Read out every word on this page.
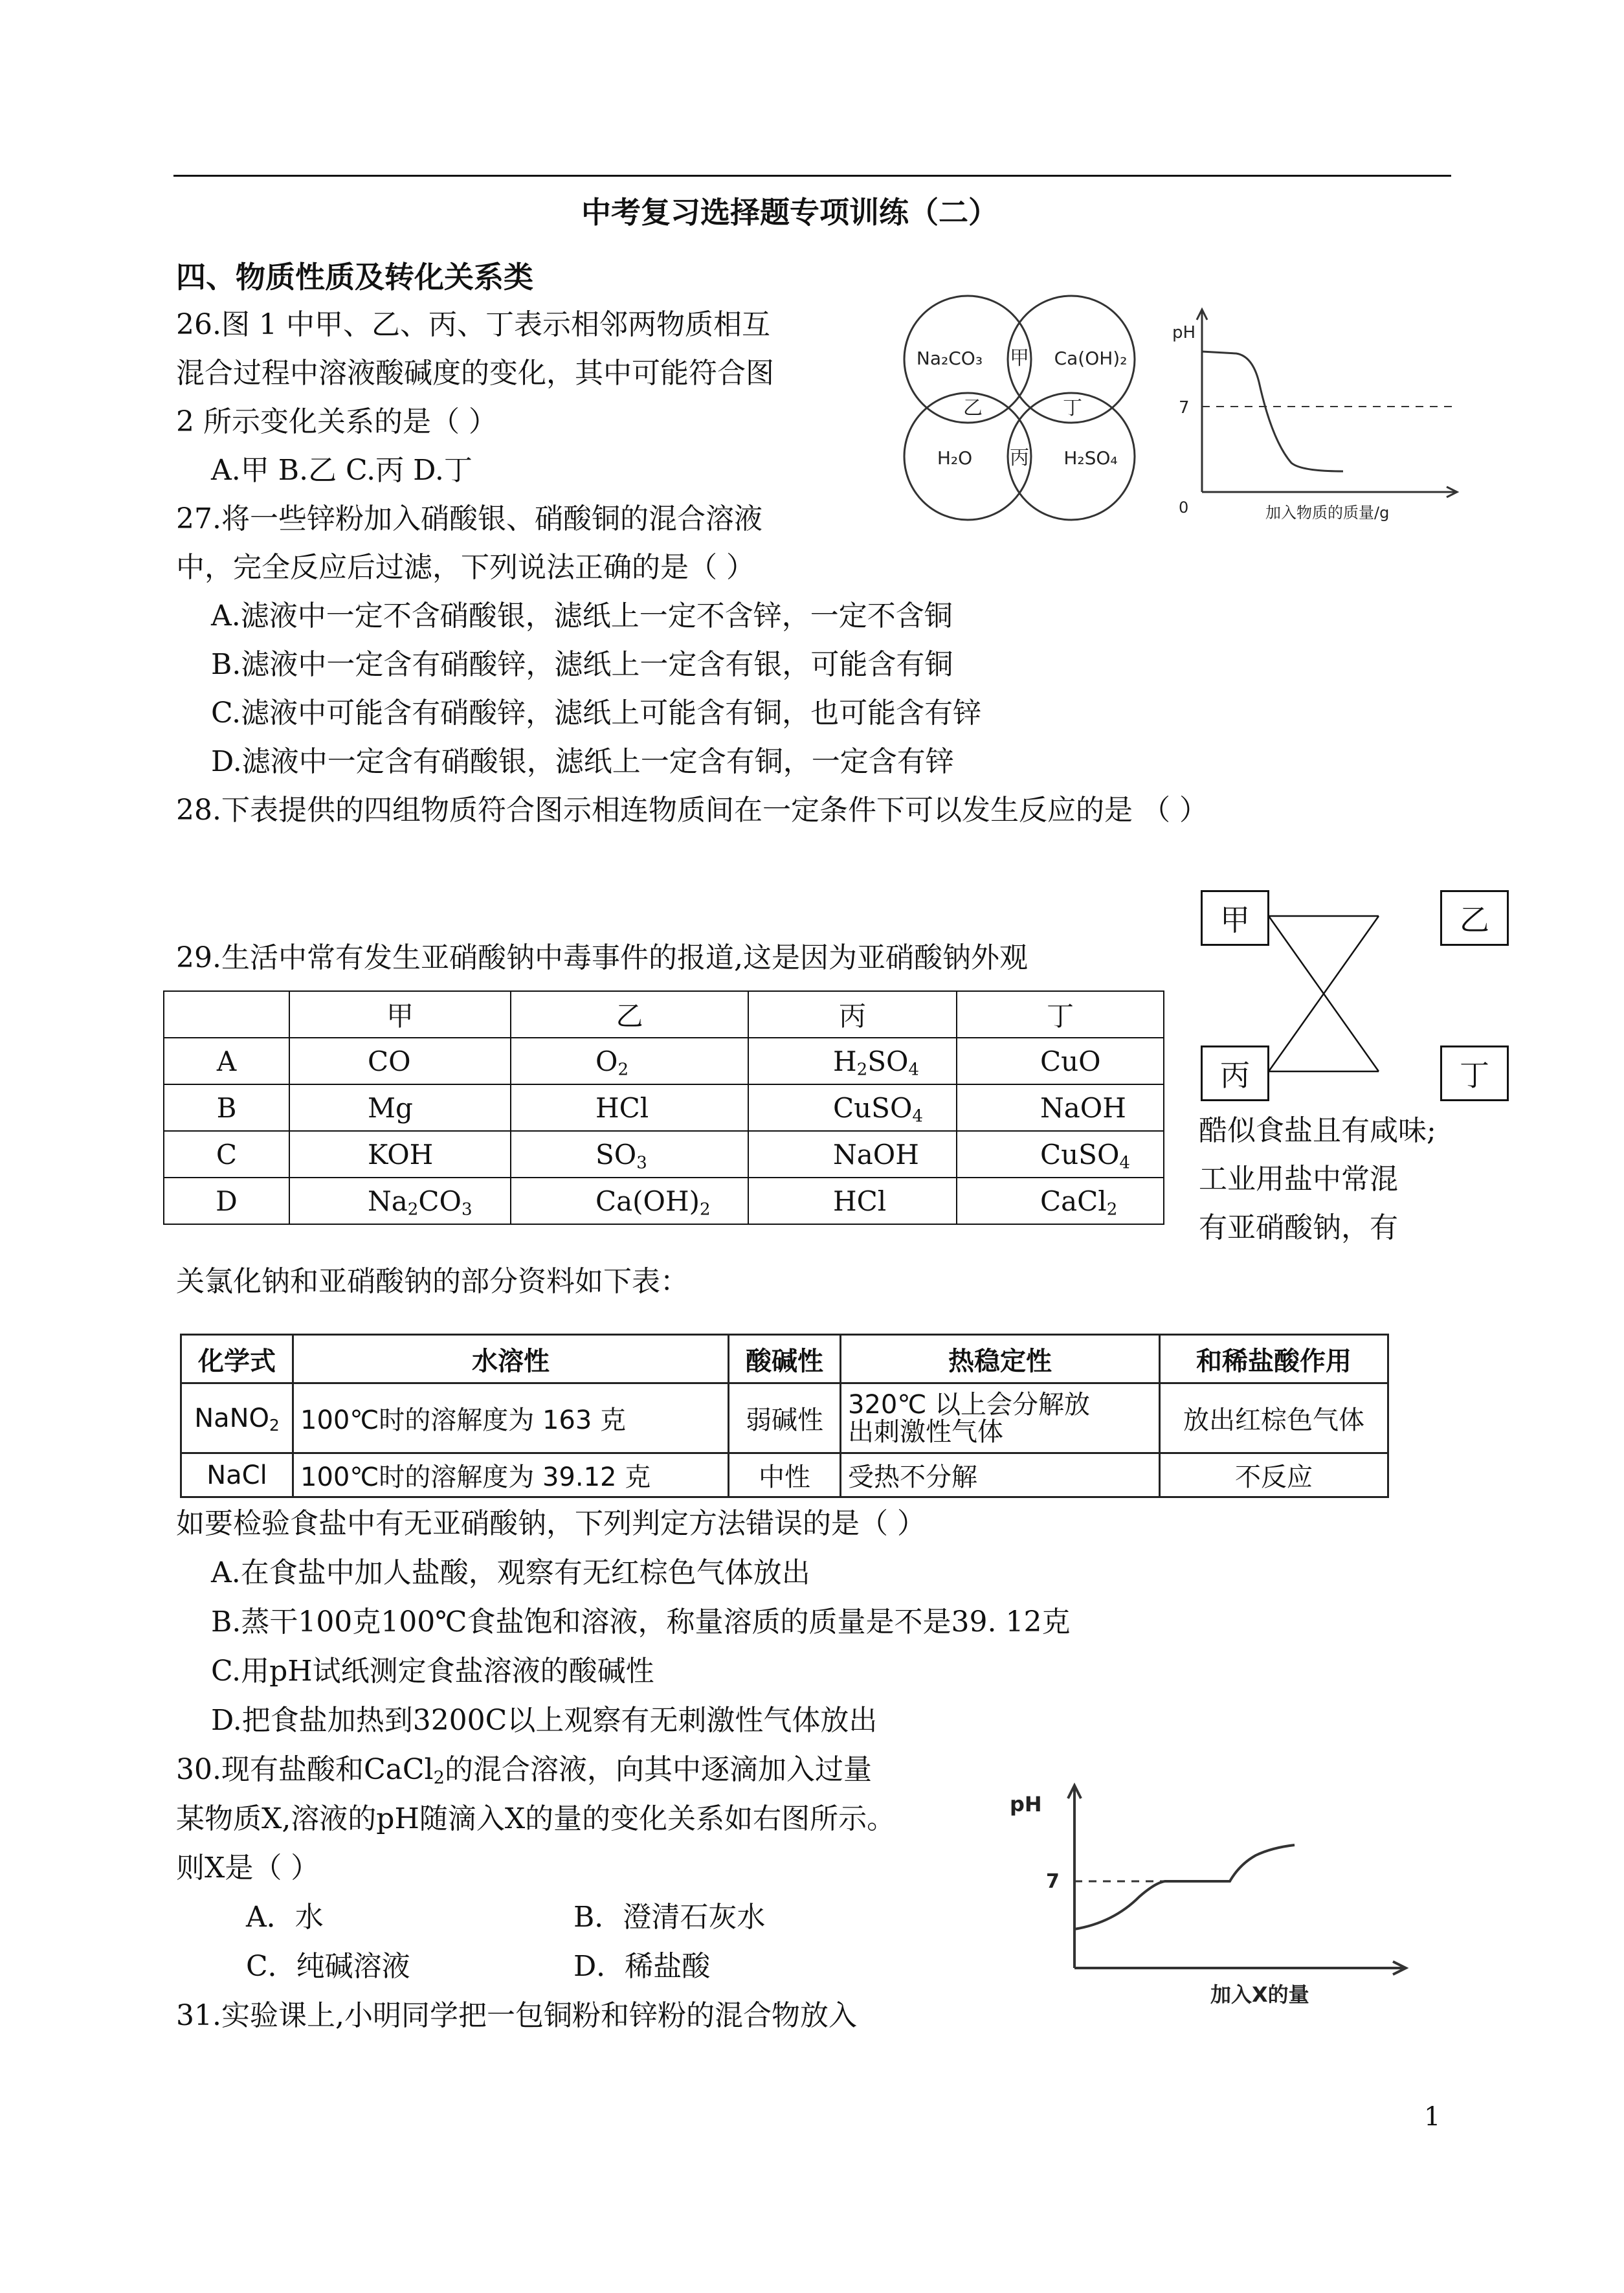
中考复习选择题专项训练（二）
四、物质性质及转化关系类
26.图 1 中甲、乙、丙、丁表示相邻两物质相互
混合过程中溶液酸碱度的变化，其中可能符合图
2 所示变化关系的是（ ）
A.甲 B.乙 C.丙 D.丁
Na₂CO₃	Ca(OH)₂
H₂O	H₂SO₄
甲
乙	丁
丙
pH
7
0	加入物质的质量/g
27.将一些锌粉加入硝酸银、硝酸铜的混合溶液
中，完全反应后过滤，下列说法正确的是（ ）
A.滤液中一定不含硝酸银，滤纸上一定不含锌，一定不含铜
B.滤液中一定含有硝酸锌，滤纸上一定含有银，可能含有铜
C.滤液中可能含有硝酸锌，滤纸上可能含有铜，也可能含有锌
D.滤液中一定含有硝酸银，滤纸上一定含有铜，一定含有锌
28.下表提供的四组物质符合图示相连物质间在一定条件下可以发生反应的是 （ ）
甲	乙
丙	丁
29.生活中常有发生亚硝酸钠中毒事件的报道,这是因为亚硝酸钠外观
	甲	乙	丙	丁
A	CO	$O_2$	$H_2SO_4$	CuO
B	Mg	HCl	CuSO$_4$	NaOH
C	KOH	$SO_3$	NaOH	CuSO$_4$
D	$Na_2CO_3$	$Ca(OH)_2$	HCl	CaCl$_2$
酷似食盐且有咸味;
工业用盐中常混
有亚硝酸钠，有
关氯化钠和亚硝酸钠的部分资料如下表：
化学式	水溶性	酸碱性	热稳定性	和稀盐酸作用
NaNO$_2$	100℃时的溶解度为 163 克	弱碱性	320℃ 以上会分解放
出刺激性气体	放出红棕色气体
NaCl	100℃时的溶解度为 39.12 克	中性	受热不分解	不反应
如要检验食盐中有无亚硝酸钠，下列判定方法错误的是（ ）
A.在食盐中加人盐酸，观察有无红棕色气体放出
B.蒸干100克100℃食盐饱和溶液，称量溶质的质量是不是39. 12克
C.用pH试纸测定食盐溶液的酸碱性
D.把食盐加热到3200C以上观察有无刺激性气体放出
30.现有盐酸和CaCl$_2$的混合溶液，向其中逐滴加入过量
某物质X,溶液的pH随滴入X的量的变化关系如右图所示。
则X是（ ）
A．水	B．澄清石灰水
C．纯碱溶液	D．稀盐酸
pH
7
加入X的量
31.实验课上,小明同学把一包铜粉和锌粉的混合物放入
1
